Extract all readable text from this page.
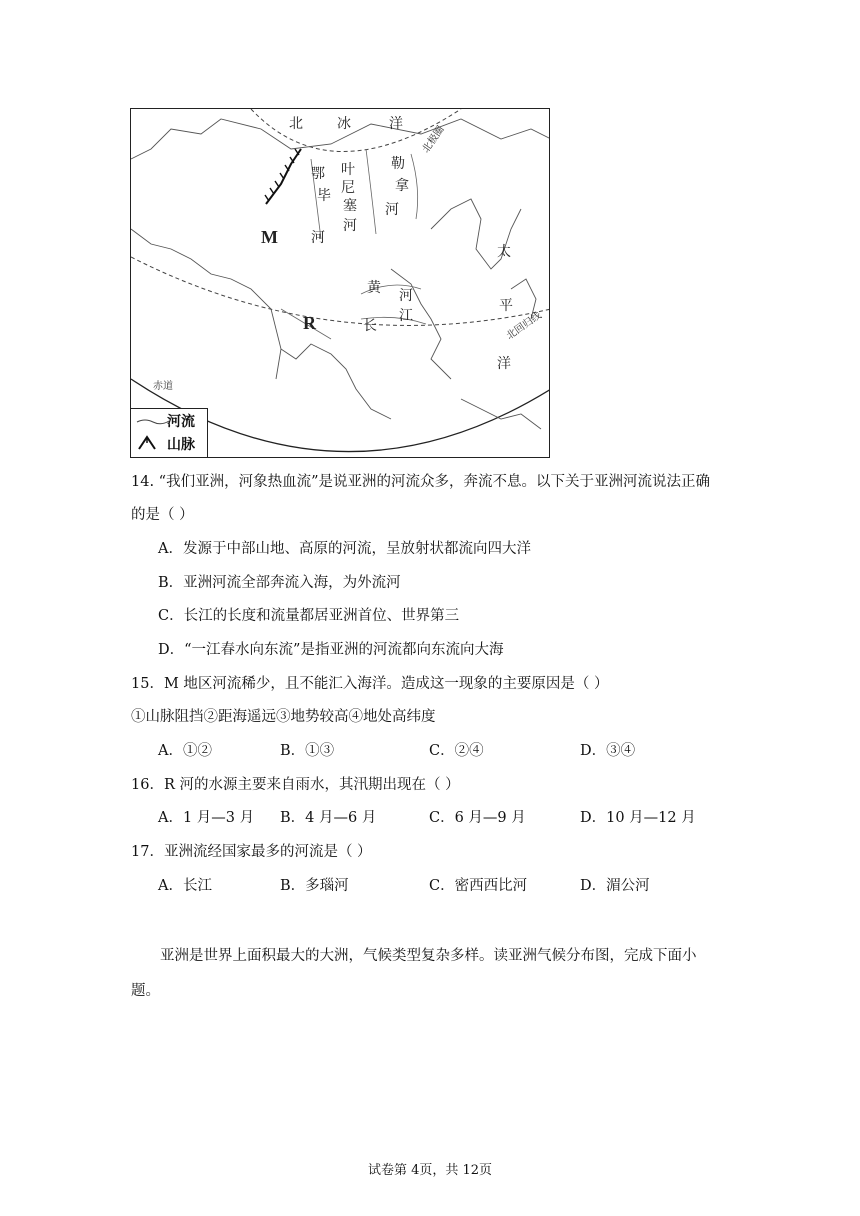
北 冰	洋
北极圈
鄂
毕
河
叶
尼
塞
河
勒
拿
河
M
R
太
平
洋
北回归线
黄 河
长
江
赤道
河流
山脉
14. “我们亚洲，河象热血流”是说亚洲的河流众多，奔流不息。以下关于亚洲河流说法正确
的是（ ）
A．发源于中部山地、高原的河流，呈放射状都流向四大洋
B．亚洲河流全部奔流入海，为外流河
C．长江的长度和流量都居亚洲首位、世界第三
D．“一江春水向东流”是指亚洲的河流都向东流向大海
15．M 地区河流稀少，且不能汇入海洋。造成这一现象的主要原因是（ ）
①山脉阻挡②距海遥远③地势较高④地处高纬度
A．①②	B．①③	C．②④	D．③④
16．R 河的水源主要来自雨水，其汛期出现在（ ）
A．1 月—3 月 B．4 月—6 月	C．6 月—9 月	D．10 月—12 月
17．亚洲流经国家最多的河流是（ ）
A．长江	B．多瑙河	C．密西西比河	D．湄公河
亚洲是世界上面积最大的大洲，气候类型复杂多样。读亚洲气候分布图，完成下面小
题。
试卷第 4页，共 12页
